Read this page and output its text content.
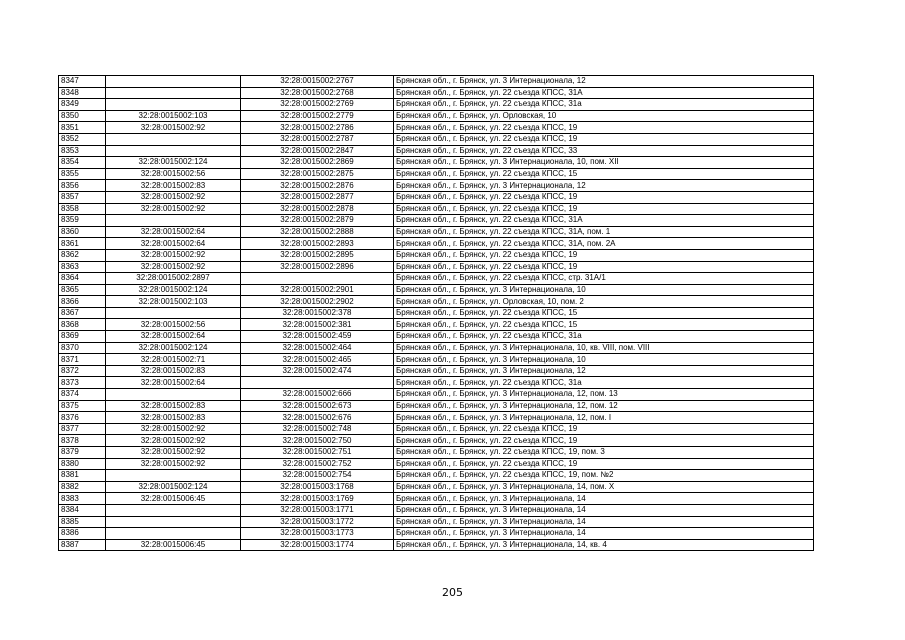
8347		32:28:0015002:2767	Брянская обл., г. Брянск, ул. 3 Интернационала, 12
8348		32:28:0015002:2768	Брянская обл., г. Брянск, ул. 22 съезда КПСС, 31А
8349		32:28:0015002:2769	Брянская обл., г. Брянск, ул. 22 съезда КПСС, 31а
8350	32:28:0015002:103	32:28:0015002:2779	Брянская обл., г. Брянск, ул. Орловская, 10
8351	32:28:0015002:92	32:28:0015002:2786	Брянская обл., г. Брянск, ул. 22 съезда КПСС, 19
8352		32:28:0015002:2787	Брянская обл., г. Брянск, ул. 22 съезда КПСС, 19
8353		32:28:0015002:2847	Брянская обл., г. Брянск, ул. 22 съезда КПСС, 33
8354	32:28:0015002:124	32:28:0015002:2869	Брянская обл., г. Брянск, ул. 3 Интернационала, 10, пом. XII
8355	32:28:0015002:56	32:28:0015002:2875	Брянская обл., г. Брянск, ул. 22 съезда КПСС, 15
8356	32:28:0015002:83	32:28:0015002:2876	Брянская обл., г. Брянск, ул. 3 Интернационала, 12
8357	32:28:0015002:92	32:28:0015002:2877	Брянская обл., г. Брянск, ул. 22 съезда КПСС, 19
8358	32:28:0015002:92	32:28:0015002:2878	Брянская обл., г. Брянск, ул. 22 съезда КПСС, 19
8359		32:28:0015002:2879	Брянская обл., г. Брянск, ул. 22 съезда КПСС, 31А
8360	32:28:0015002:64	32:28:0015002:2888	Брянская обл., г. Брянск, ул. 22 съезда КПСС, 31А, пом. 1
8361	32:28:0015002:64	32:28:0015002:2893	Брянская обл., г. Брянск, ул. 22 съезда КПСС, 31А, пом. 2А
8362	32:28:0015002:92	32:28:0015002:2895	Брянская обл., г. Брянск, ул. 22 съезда КПСС, 19
8363	32:28:0015002:92	32:28:0015002:2896	Брянская обл., г. Брянск, ул. 22 съезда КПСС, 19
8364	32:28:0015002:2897		Брянская обл., г. Брянск, ул. 22 съезда КПСС, стр. 31А/1
8365	32:28:0015002:124	32:28:0015002:2901	Брянская обл., г. Брянск, ул. 3 Интернационала, 10
8366	32:28:0015002:103	32:28:0015002:2902	Брянская обл., г. Брянск, ул. Орловская, 10, пом. 2
8367		32:28:0015002:378	Брянская обл., г. Брянск, ул. 22 съезда КПСС, 15
8368	32:28:0015002:56	32:28:0015002:381	Брянская обл., г. Брянск, ул. 22 съезда КПСС, 15
8369	32:28:0015002:64	32:28:0015002:459	Брянская обл., г. Брянск, ул. 22 съезда КПСС, 31а
8370	32:28:0015002:124	32:28:0015002:464	Брянская обл., г. Брянск, ул. 3 Интернационала, 10, кв. VIII, пом. VIII
8371	32:28:0015002:71	32:28:0015002:465	Брянская обл., г. Брянск, ул. 3 Интернационала, 10
8372	32:28:0015002:83	32:28:0015002:474	Брянская обл., г. Брянск, ул. 3 Интернационала, 12
8373	32:28:0015002:64		Брянская обл., г. Брянск, ул. 22 съезда КПСС, 31а
8374		32:28:0015002:666	Брянская обл., г. Брянск, ул. 3 Интернационала, 12, пом. 13
8375	32:28:0015002:83	32:28:0015002:673	Брянская обл., г. Брянск, ул. 3 Интернационала, 12, пом. 12
8376	32:28:0015002:83	32:28:0015002:676	Брянская обл., г. Брянск, ул. 3 Интернационала, 12, пом. I
8377	32:28:0015002:92	32:28:0015002:748	Брянская обл., г. Брянск, ул. 22 съезда КПСС, 19
8378	32:28:0015002:92	32:28:0015002:750	Брянская обл., г. Брянск, ул. 22 съезда КПСС, 19
8379	32:28:0015002:92	32:28:0015002:751	Брянская обл., г. Брянск, ул. 22 съезда КПСС, 19, пом. 3
8380	32:28:0015002:92	32:28:0015002:752	Брянская обл., г. Брянск, ул. 22 съезда КПСС, 19
8381		32:28:0015002:754	Брянская обл., г. Брянск, ул. 22 съезда КПСС, 19, пом. №2
8382	32:28:0015002:124	32:28:0015003:1768	Брянская обл., г. Брянск, ул. 3 Интернационала, 14, пом. Х
8383	32:28:0015006:45	32:28:0015003:1769	Брянская обл., г. Брянск, ул. 3 Интернационала, 14
8384		32:28:0015003:1771	Брянская обл., г. Брянск, ул. 3 Интернационала, 14
8385		32:28:0015003:1772	Брянская обл., г. Брянск, ул. 3 Интернационала, 14
8386		32:28:0015003:1773	Брянская обл., г. Брянск, ул. 3 Интернационала, 14
8387	32:28:0015006:45	32:28:0015003:1774	Брянская обл., г. Брянск, ул. 3 Интернационала, 14, кв. 4
205
